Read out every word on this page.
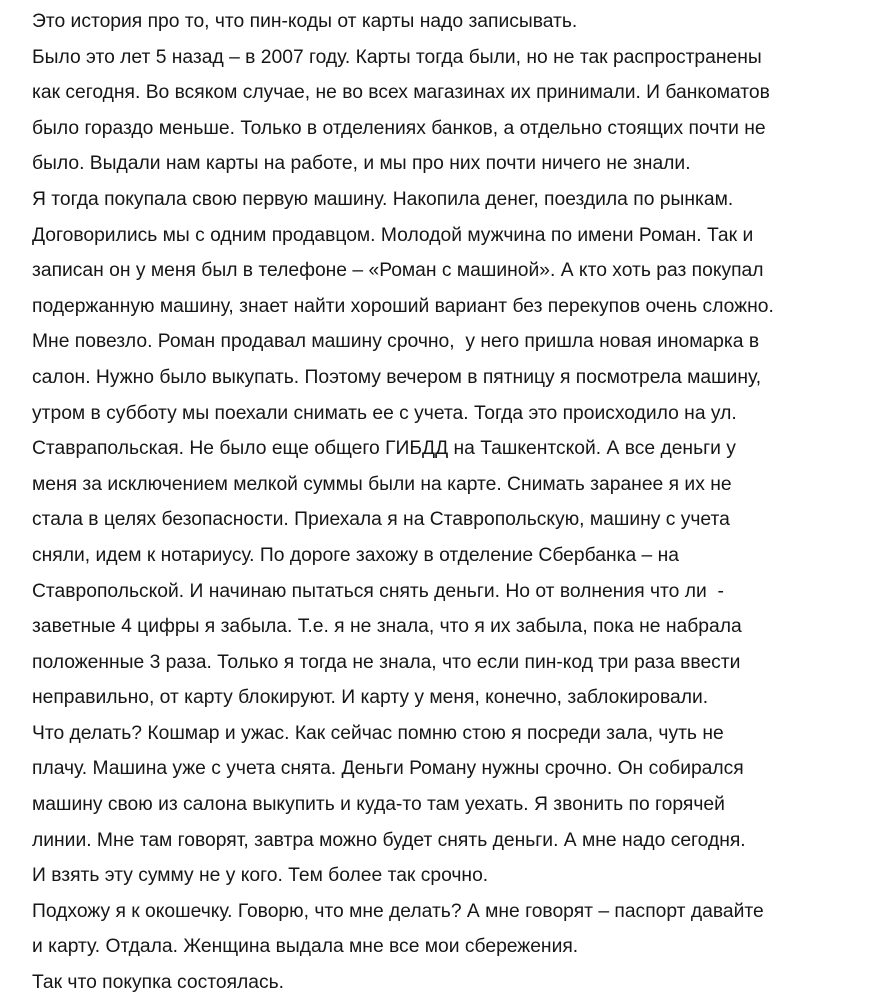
Это история про то, что пин-коды от карты надо записывать.

Было это лет 5 назад – в 2007 году. Карты тогда были, но не так распространены

как сегодня. Во всяком случае, не во всех магазинах их принимали. И банкоматов

было гораздо меньше. Только в отделениях банков, а отдельно стоящих почти не

было. Выдали нам карты на работе, и мы про них почти ничего не знали.

Я тогда покупала свою первую машину. Накопила денег, поездила по рынкам.

Договорились мы с одним продавцом. Молодой мужчина по имени Роман. Так и

записан он у меня был в телефоне – «Роман с машиной». А кто хоть раз покупал

подержанную машину, знает найти хороший вариант без перекупов очень сложно.

Мне повезло. Роман продавал машину срочно,  у него пришла новая иномарка в

салон. Нужно было выкупать. Поэтому вечером в пятницу я посмотрела машину,

утром в субботу мы поехали снимать ее с учета. Тогда это происходило на ул.

Ставрапольская. Не было еще общего ГИБДД на Ташкентской. А все деньги у

меня за исключением мелкой суммы были на карте. Снимать заранее я их не

стала в целях безопасности. Приехала я на Ставропольскую, машину с учета

сняли, идем к нотариусу. По дороге захожу в отделение Сбербанка – на

Ставропольской. И начинаю пытаться снять деньги. Но от волнения что ли  -

заветные 4 цифры я забыла. Т.е. я не знала, что я их забыла, пока не набрала

положенные 3 раза. Только я тогда не знала, что если пин-код три раза ввести

неправильно, от карту блокируют. И карту у меня, конечно, заблокировали.

Что делать? Кошмар и ужас. Как сейчас помню стою я посреди зала, чуть не

плачу. Машина уже с учета снята. Деньги Роману нужны срочно. Он собирался

машину свою из салона выкупить и куда-то там уехать. Я звонить по горячей

линии. Мне там говорят, завтра можно будет снять деньги. А мне надо сегодня.

И взять эту сумму не у кого. Тем более так срочно.

Подхожу я к окошечку. Говорю, что мне делать? А мне говорят – паспорт давайте

и карту. Отдала. Женщина выдала мне все мои сбережения.

Так что покупка состоялась.
